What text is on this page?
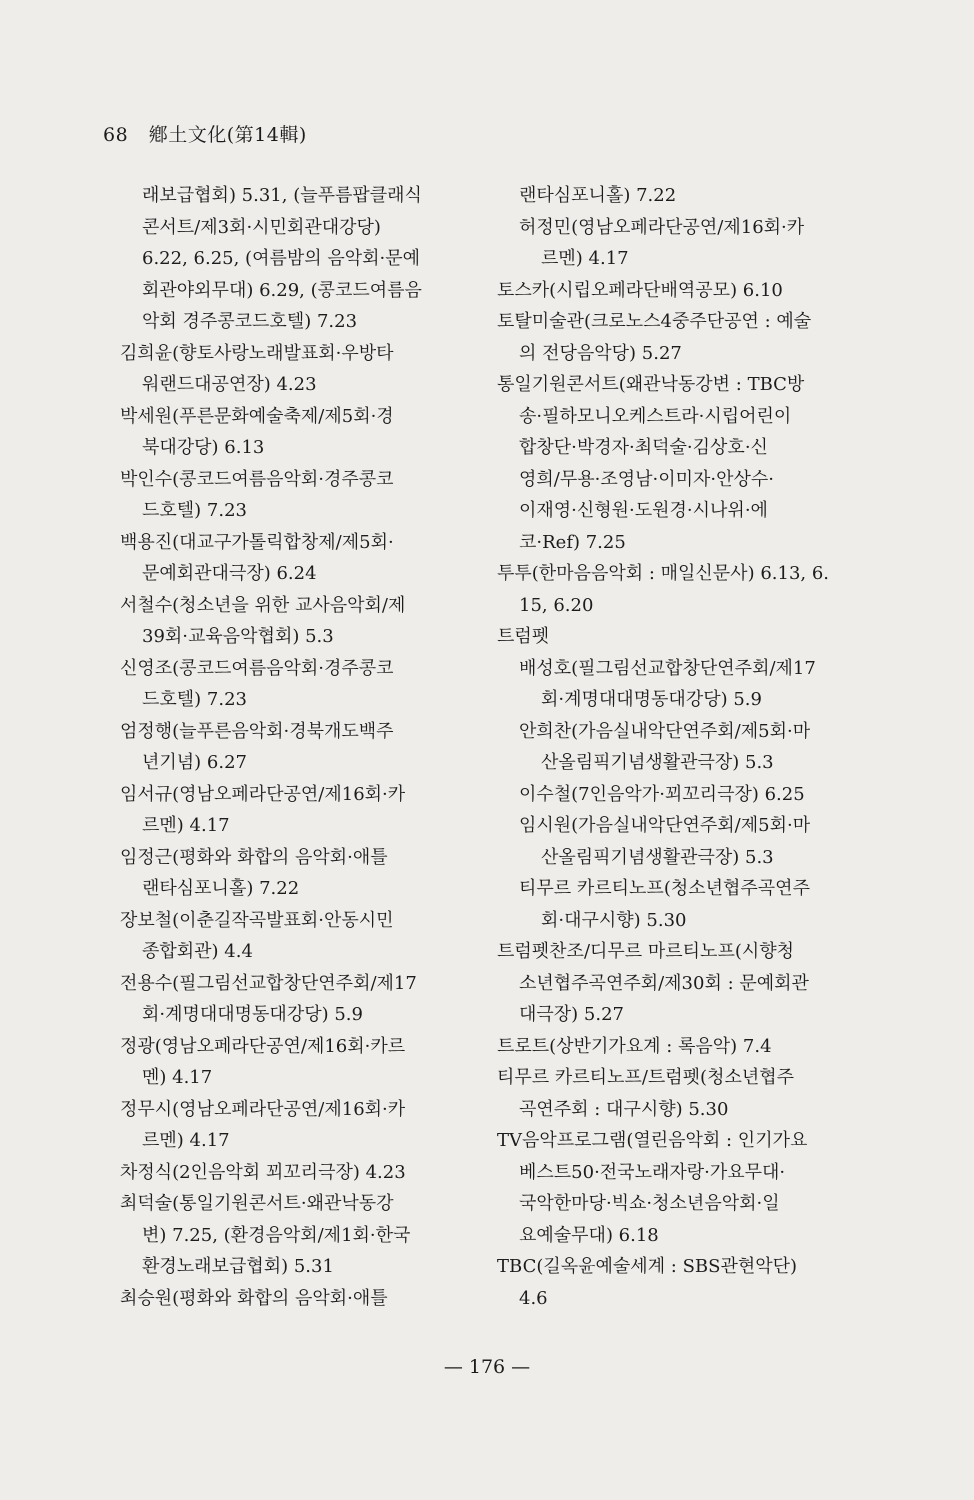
68 鄕土文化(第14輯)
래보급협회) 5.31, (늘푸름팝클래식
콘서트/제3회·시민회관대강당)
6.22, 6.25, (여름밤의 음악회·문예
회관야외무대) 6.29, (콩코드여름음
악회 경주콩코드호텔) 7.23
김희윤(향토사랑노래발표회·우방타
워랜드대공연장) 4.23
박세원(푸른문화예술축제/제5회·경
북대강당) 6.13
박인수(콩코드여름음악회·경주콩코
드호텔) 7.23
백용진(대교구가톨릭합창제/제5회·
문예회관대극장) 6.24
서철수(청소년을 위한 교사음악회/제
39회·교육음악협회) 5.3
신영조(콩코드여름음악회·경주콩코
드호텔) 7.23
엄정행(늘푸른음악회·경북개도백주
년기념) 6.27
임서규(영남오페라단공연/제16회·카
르멘) 4.17
임정근(평화와 화합의 음악회·애틀
랜타심포니홀) 7.22
장보철(이춘길작곡발표회·안동시민
종합회관) 4.4
전용수(필그림선교합창단연주회/제17
회·계명대대명동대강당) 5.9
정광(영남오페라단공연/제16회·카르
멘) 4.17
정무시(영남오페라단공연/제16회·카
르멘) 4.17
차정식(2인음악회 꾀꼬리극장) 4.23
최덕술(통일기원콘서트·왜관낙동강
변) 7.25, (환경음악회/제1회·한국
환경노래보급협회) 5.31
최승원(평화와 화합의 음악회·애틀
랜타심포니홀) 7.22
허정민(영남오페라단공연/제16회·카
르멘) 4.17
토스카(시립오페라단배역공모) 6.10
토탈미술관(크로노스4중주단공연 : 예술
의 전당음악당) 5.27
통일기원콘서트(왜관낙동강변 : TBC방
송·필하모니오케스트라·시립어린이
합창단·박경자·최덕술·김상호·신
영희/무용·조영남·이미자·안상수·
이재영·신형원·도원경·시나위·에
코·Ref) 7.25
투투(한마음음악회 : 매일신문사) 6.13, 6.
15, 6.20
트럼펫
배성호(필그림선교합창단연주회/제17
회·계명대대명동대강당) 5.9
안희찬(가음실내악단연주회/제5회·마
산올림픽기념생활관극장) 5.3
이수철(7인음악가·꾀꼬리극장) 6.25
임시원(가음실내악단연주회/제5회·마
산올림픽기념생활관극장) 5.3
티무르 카르티노프(청소년협주곡연주
회·대구시향) 5.30
트럼펫찬조/디무르 마르티노프(시향청
소년협주곡연주회/제30회 : 문예회관
대극장) 5.27
트로트(상반기가요계 : 록음악) 7.4
티무르 카르티노프/트럼펫(청소년협주
곡연주회 : 대구시향) 5.30
TV음악프로그램(열린음악회 : 인기가요
베스트50·전국노래자랑·가요무대·
국악한마당·빅쇼·청소년음악회·일
요예술무대) 6.18
TBC(길옥윤예술세계 : SBS관현악단)
4.6
— 176 —
